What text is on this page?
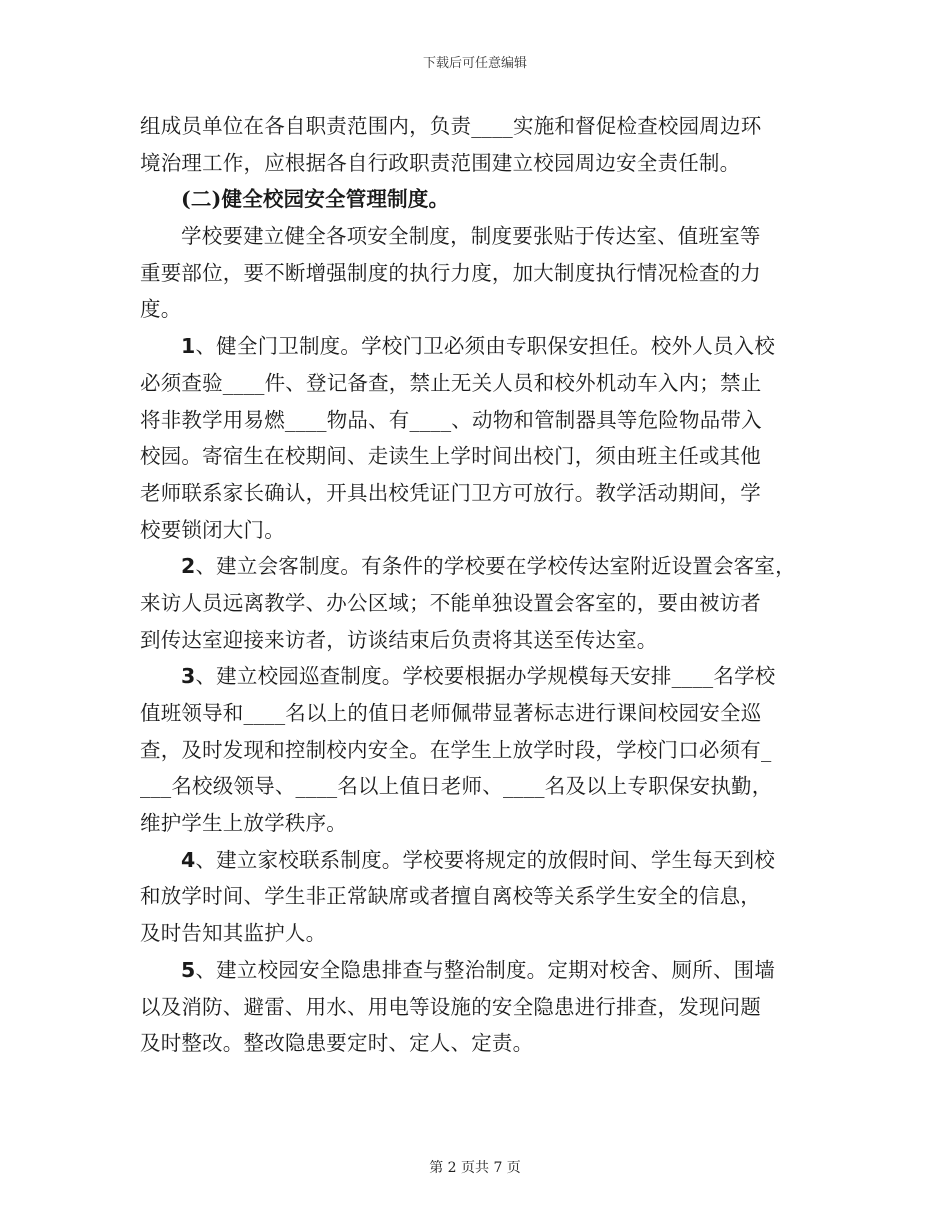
下载后可任意编辑
组成员单位在各自职责范围内，负责____实施和督促检查校园周边环
境治理工作，应根据各自行政职责范围建立校园周边安全责任制。
(二)健全校园安全管理制度。
学校要建立健全各项安全制度，制度要张贴于传达室、值班室等
重要部位，要不断增强制度的执行力度，加大制度执行情况检查的力
度。
1、健全门卫制度。学校门卫必须由专职保安担任。校外人员入校
必须查验____件、登记备查，禁止无关人员和校外机动车入内；禁止
将非教学用易燃____物品、有____、动物和管制器具等危险物品带入
校园。寄宿生在校期间、走读生上学时间出校门，须由班主任或其他
老师联系家长确认，开具出校凭证门卫方可放行。教学活动期间，学
校要锁闭大门。
2、建立会客制度。有条件的学校要在学校传达室附近设置会客室，
来访人员远离教学、办公区域；不能单独设置会客室的，要由被访者
到传达室迎接来访者，访谈结束后负责将其送至传达室。
3、建立校园巡查制度。学校要根据办学规模每天安排____名学校
值班领导和____名以上的值日老师佩带显著标志进行课间校园安全巡
查，及时发现和控制校内安全。在学生上放学时段，学校门口必须有_
___名校级领导、____名以上值日老师、____名及以上专职保安执勤，
维护学生上放学秩序。
4、建立家校联系制度。学校要将规定的放假时间、学生每天到校
和放学时间、学生非正常缺席或者擅自离校等关系学生安全的信息，
及时告知其监护人。
5、建立校园安全隐患排查与整治制度。定期对校舍、厕所、围墙
以及消防、避雷、用水、用电等设施的安全隐患进行排查，发现问题
及时整改。整改隐患要定时、定人、定责。
第 2 页共 7 页
